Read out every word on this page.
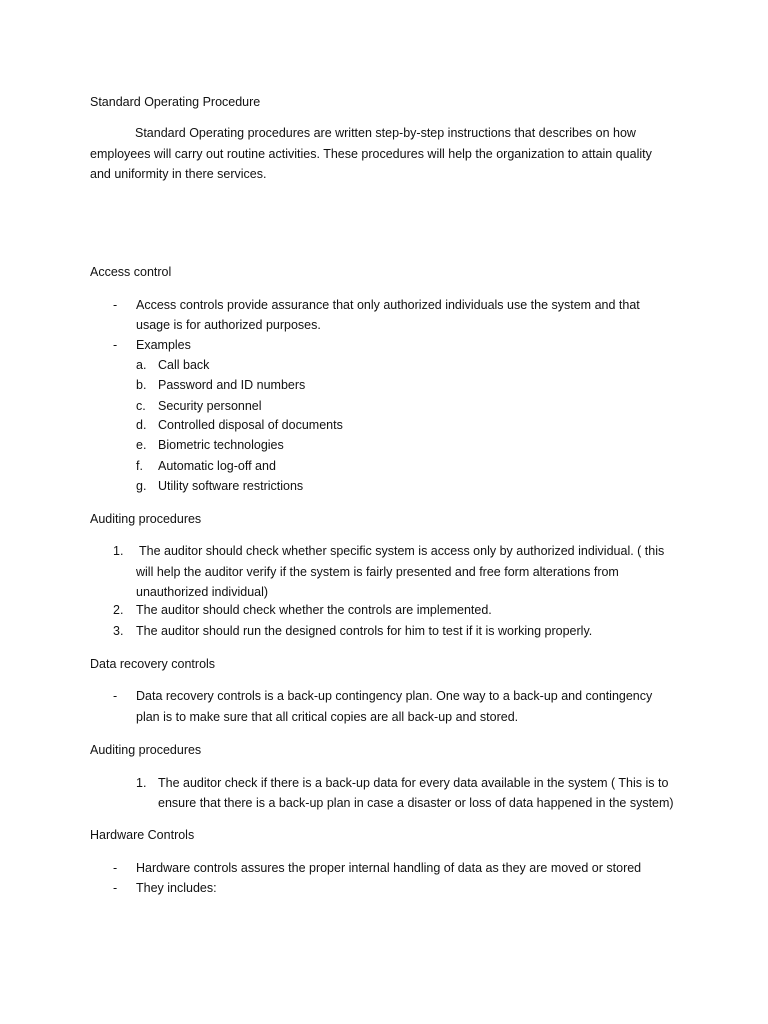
Standard Operating Procedure
Standard Operating procedures are written step-by-step instructions that describes on how
employees will carry out routine activities. These procedures will help the organization to attain quality
and uniformity in there services.
Access control
- Access controls provide assurance that only authorized individuals use the system and that
usage is for authorized purposes.
- Examples
a. Call back
b. Password and ID numbers
c. Security personnel
d. Controlled disposal of documents
e. Biometric technologies
f. Automatic log-off and
g. Utility software restrictions
Auditing procedures
1. The auditor should check whether specific system is access only by authorized individual. ( this
will help the auditor verify if the system is fairly presented and free form alterations from
unauthorized individual)
2. The auditor should check whether the controls are implemented.
3. The auditor should run the designed controls for him to test if it is working properly.
Data recovery controls
- Data recovery controls is a back-up contingency plan. One way to a back-up and contingency
plan is to make sure that all critical copies are all back-up and stored.
Auditing procedures
1. The auditor check if there is a back-up data for every data available in the system ( This is to
ensure that there is a back-up plan in case a disaster or loss of data happened in the system)
Hardware Controls
- Hardware controls assures the proper internal handling of data as they are moved or stored
- They includes:
